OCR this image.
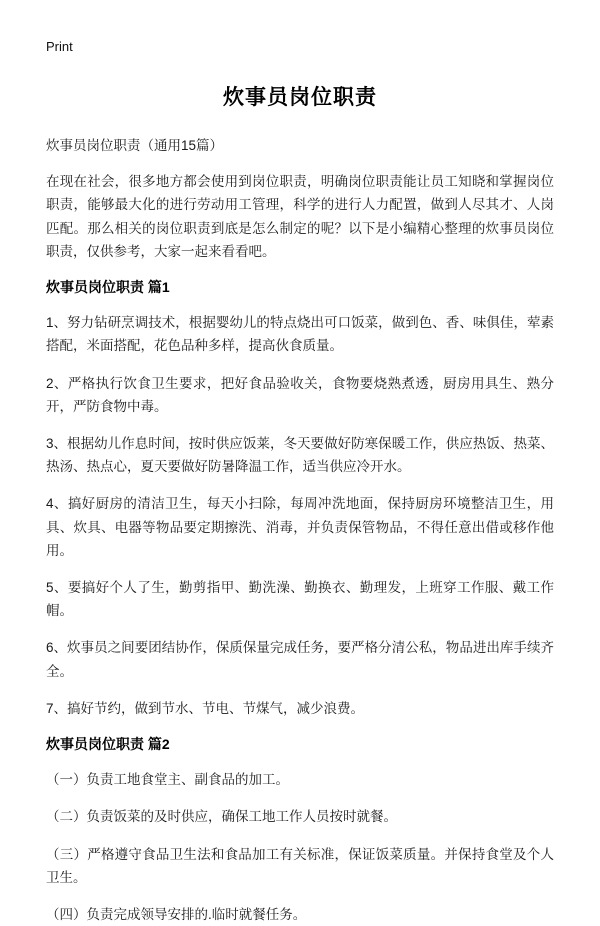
Print
炊事员岗位职责

炊事员岗位职责（通用15篇）

在现在社会，很多地方都会使用到岗位职责，明确岗位职责能让员工知晓和掌握岗位职责，能够最大化的进行劳动用工管理，科学的进行人力配置，做到人尽其才、人岗匹配。那么相关的岗位职责到底是怎么制定的呢？以下是小编精心整理的炊事员岗位职责，仅供参考，大家一起来看看吧。

炊事员岗位职责 篇1

1、努力钻研烹调技术，根据婴幼儿的特点烧出可口饭菜，做到色、香、味俱佳，荤素搭配，米面搭配，花色品种多样，提高伙食质量。

2、严格执行饮食卫生要求，把好食品验收关，食物要烧熟煮透，厨房用具生、熟分开，严防食物中毒。

3、根据幼儿作息时间，按时供应饭莱，冬天要做好防寒保暖工作，供应热饭、热菜、热汤、热点心，夏天要做好防暑降温工作，适当供应冷开水。

4、搞好厨房的清洁卫生，每天小扫除，每周冲洗地面，保持厨房环境整洁卫生，用具、炊具、电器等物品要定期擦洗、消毒，并负责保管物品，不得任意出借或移作他用。

5、要搞好个人了生，勤剪指甲、勤洗澡、勤换衣、勤理发，上班穿工作服、戴工作帽。

6、炊事员之间要团结协作，保质保量完成任务，要严格分清公私，物品进出库手续齐全。

7、搞好节约，做到节水、节电、节煤气，减少浪费。

炊事员岗位职责 篇2

（一）负责工地食堂主、副食品的加工。

（二）负责饭菜的及时供应，确保工地工作人员按时就餐。

（三）严格遵守食品卫生法和食品加工有关标准，保证饭菜质量。并保持食堂及个人卫生。

（四）负责完成领导安排的.临时就餐任务。
